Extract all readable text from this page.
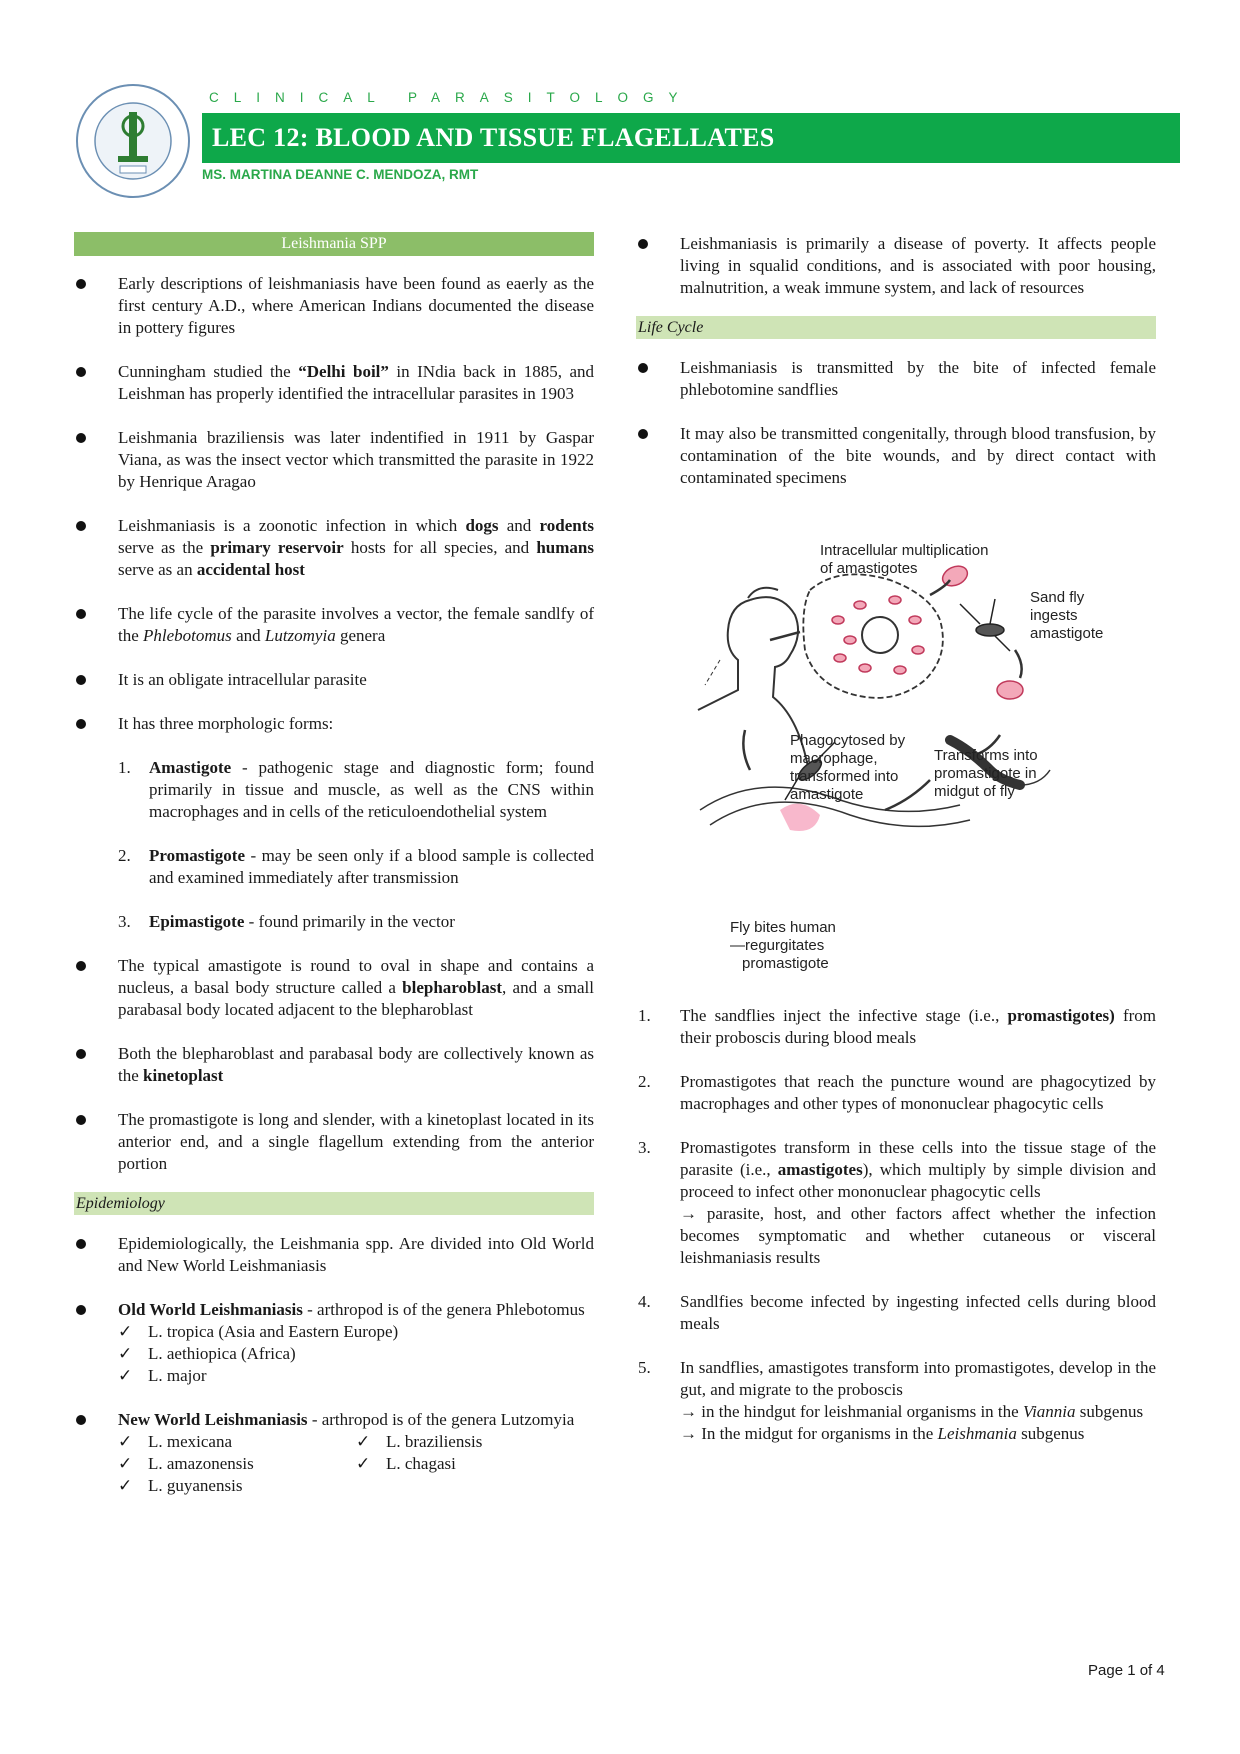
CLINICAL PARASITOLOGY
LEC 12: BLOOD AND TISSUE FLAGELLATES
MS. MARTINA DEANNE C. MENDOZA, RMT
Leishmania SPP
Early descriptions of leishmaniasis have been found as eaerly as the first century A.D., where American Indians documented the disease in pottery figures
Cunningham studied the “Delhi boil” in INdia back in 1885, and Leishman has properly identified the intracellular parasites in 1903
Leishmania braziliensis was later indentified in 1911 by Gaspar Viana, as was the insect vector which transmitted the parasite in 1922 by Henrique Aragao
Leishmaniasis is a zoonotic infection in which dogs and rodents serve as the primary reservoir hosts for all species, and humans serve as an accidental host
The life cycle of the parasite involves a vector, the female sandlfy of the Phlebotomus and Lutzomyia genera
It is an obligate intracellular parasite
It has three morphologic forms:
1. Amastigote - pathogenic stage and diagnostic form; found primarily in tissue and muscle, as well as the CNS within macrophages and in cells of the reticuloendothelial system
2. Promastigote - may be seen only if a blood sample is collected and examined immediately after transmission
3. Epimastigote - found primarily in the vector
The typical amastigote is round to oval in shape and contains a nucleus, a basal body structure called a blepharoblast, and a small parabasal body located adjacent to the blepharoblast
Both the blepharoblast and parabasal body are collectively known as the kinetoplast
The promastigote is long and slender, with a kinetoplast located in its anterior end, and a single flagellum extending from the anterior portion
Epidemiology
Epidemiologically, the Leishmania spp. Are divided into Old World and New World Leishmaniasis
Old World Leishmaniasis - arthropod is of the genera Phlebotomus
✓ L. tropica (Asia and Eastern Europe)
✓ L. aethiopica (Africa)
✓ L. major
New World Leishmaniasis - arthropod is of the genera Lutzomyia
✓ L. mexicana	✓ L. braziliensis
✓ L. amazonensis	✓ L. chagasi
✓ L. guyanensis
Leishmaniasis is primarily a disease of poverty. It affects people living in squalid conditions, and is associated with poor housing, malnutrition, a weak immune system, and lack of resources
Life Cycle
Leishmaniasis is transmitted by the bite of infected female phlebotomine sandflies
It may also be transmitted congenitally, through blood transfusion, by contamination of the bite wounds, and by direct contact with contaminated specimens
Intracellular multiplication
of amastigotes
Sand fly
ingests
amastigote
Phagocytosed by
macrophage,
transformed into
amastigote
Transforms into
promastigote in
midgut of fly
Fly bites human
—regurgitates
promastigote
1. The sandflies inject the infective stage (i.e., promastigotes) from their proboscis during blood meals
2. Promastigotes that reach the puncture wound are phagocytized by macrophages and other types of mononuclear phagocytic cells
3. Promastigotes transform in these cells into the tissue stage of the parasite (i.e., amastigotes), which multiply by simple division and proceed to infect other mononuclear phagocytic cells
→ parasite, host, and other factors affect whether the infection becomes symptomatic and whether cutaneous or visceral leishmaniasis results
4. Sandlfies become infected by ingesting infected cells during blood meals
5. In sandflies, amastigotes transform into promastigotes, develop in the gut, and migrate to the proboscis
→ in the hindgut for leishmanial organisms in the Viannia subgenus
→ In the midgut for organisms in the Leishmania subgenus
Page 1 of 4
